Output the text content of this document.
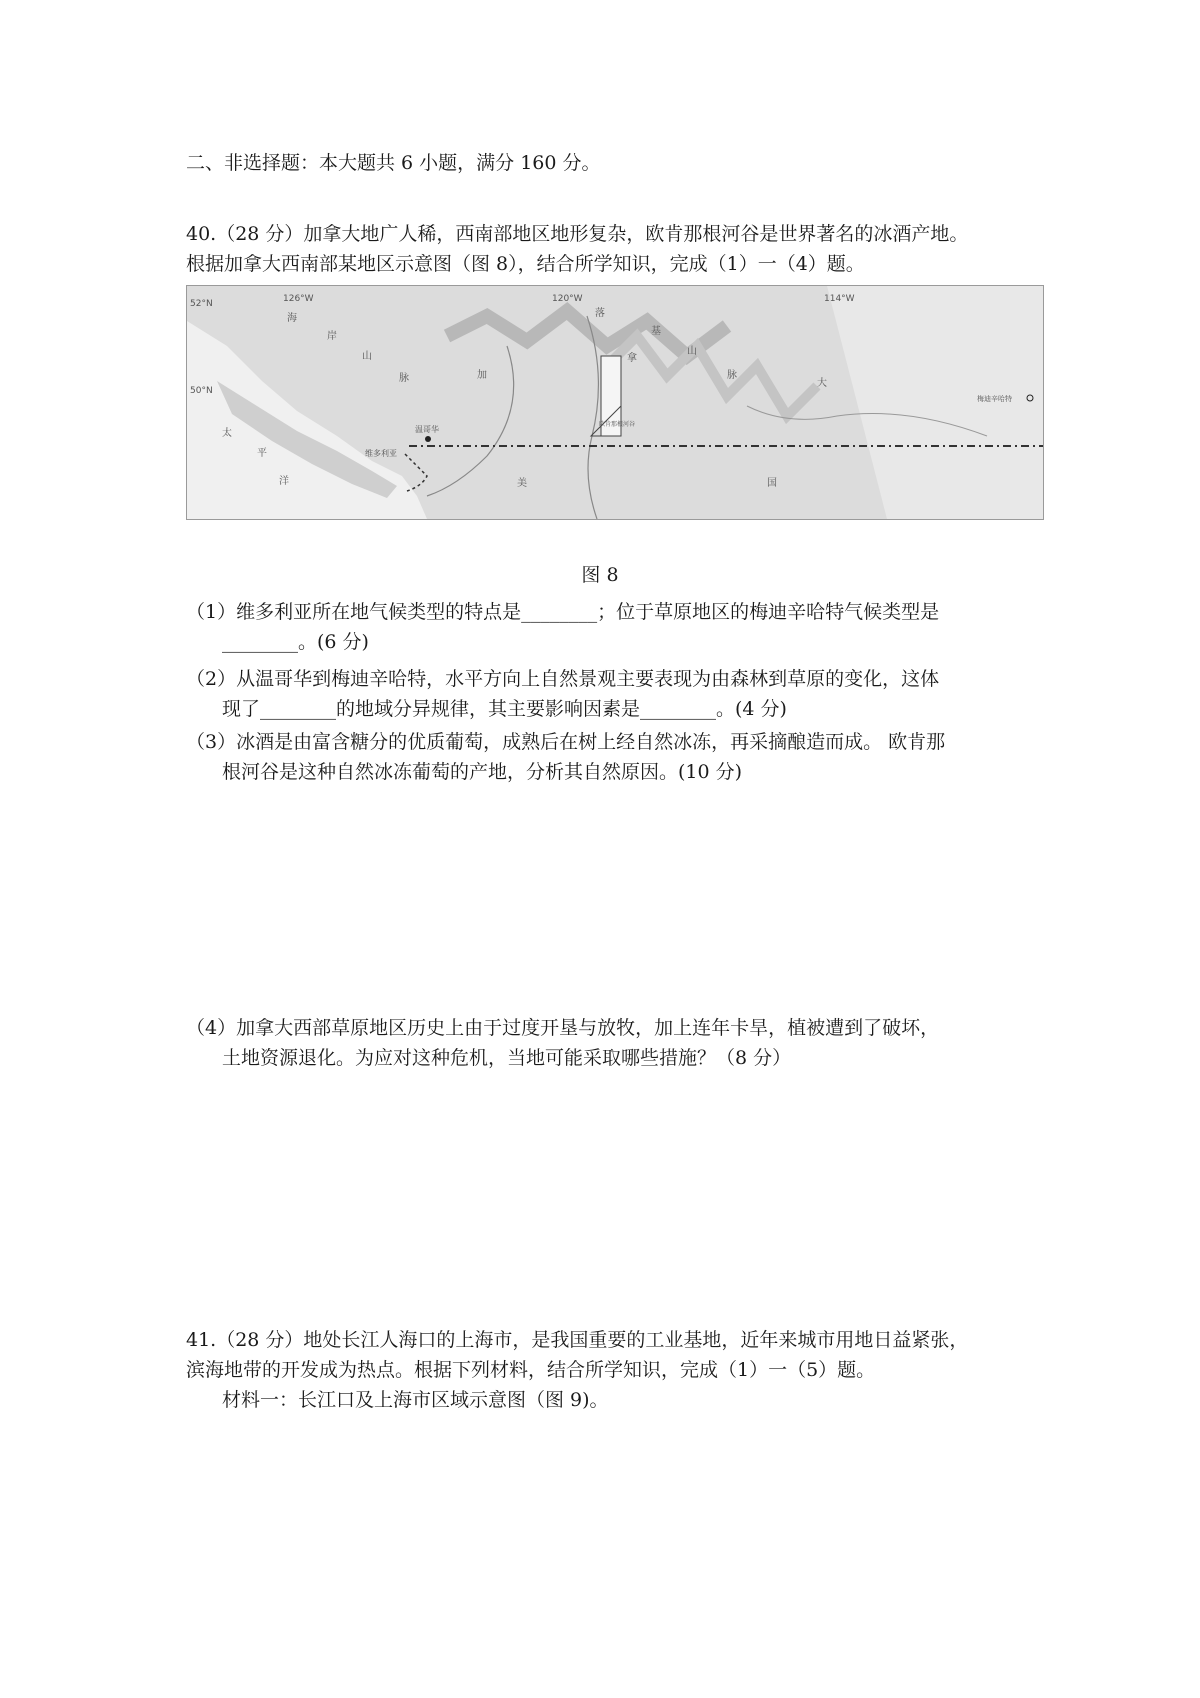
二、非选择题：本大题共 6 小题，满分 160 分。
40.（28 分）加拿大地广人稀，西南部地区地形复杂，欧肯那根河谷是世界著名的冰酒产地。
根据加拿大西南部某地区示意图（图 8），结合所学知识，完成（1）一（4）题。
126°W	120°W	114°W
52°N
50°N
海
岸
山
脉
太
平
洋
落
基
山
脉
大
美	国
加
拿
温哥华
维多利亚
欧肯那根河谷
梅迪辛哈特
图 8
（1）维多利亚所在地气候类型的特点是________；位于草原地区的梅迪辛哈特气候类型是
________。(6 分)
（2）从温哥华到梅迪辛哈特，水平方向上自然景观主要表现为由森林到草原的变化，这体
现了________的地域分异规律，其主要影响因素是________。(4 分)
（3）冰酒是由富含糖分的优质葡萄，成熟后在树上经自然冰冻，再采摘酿造而成。 欧肯那
根河谷是这种自然冰冻葡萄的产地，分析其自然原因。(10 分)
（4）加拿大西部草原地区历史上由于过度开垦与放牧，加上连年卡旱，植被遭到了破坏，
土地资源退化。为应对这种危机，当地可能采取哪些措施？（8 分）
41.（28 分）地处长江人海口的上海市，是我国重要的工业基地，近年来城市用地日益紧张，
滨海地带的开发成为热点。根据下列材料，结合所学知识，完成（1）一（5）题。
材料一：长江口及上海市区域示意图（图 9)。
